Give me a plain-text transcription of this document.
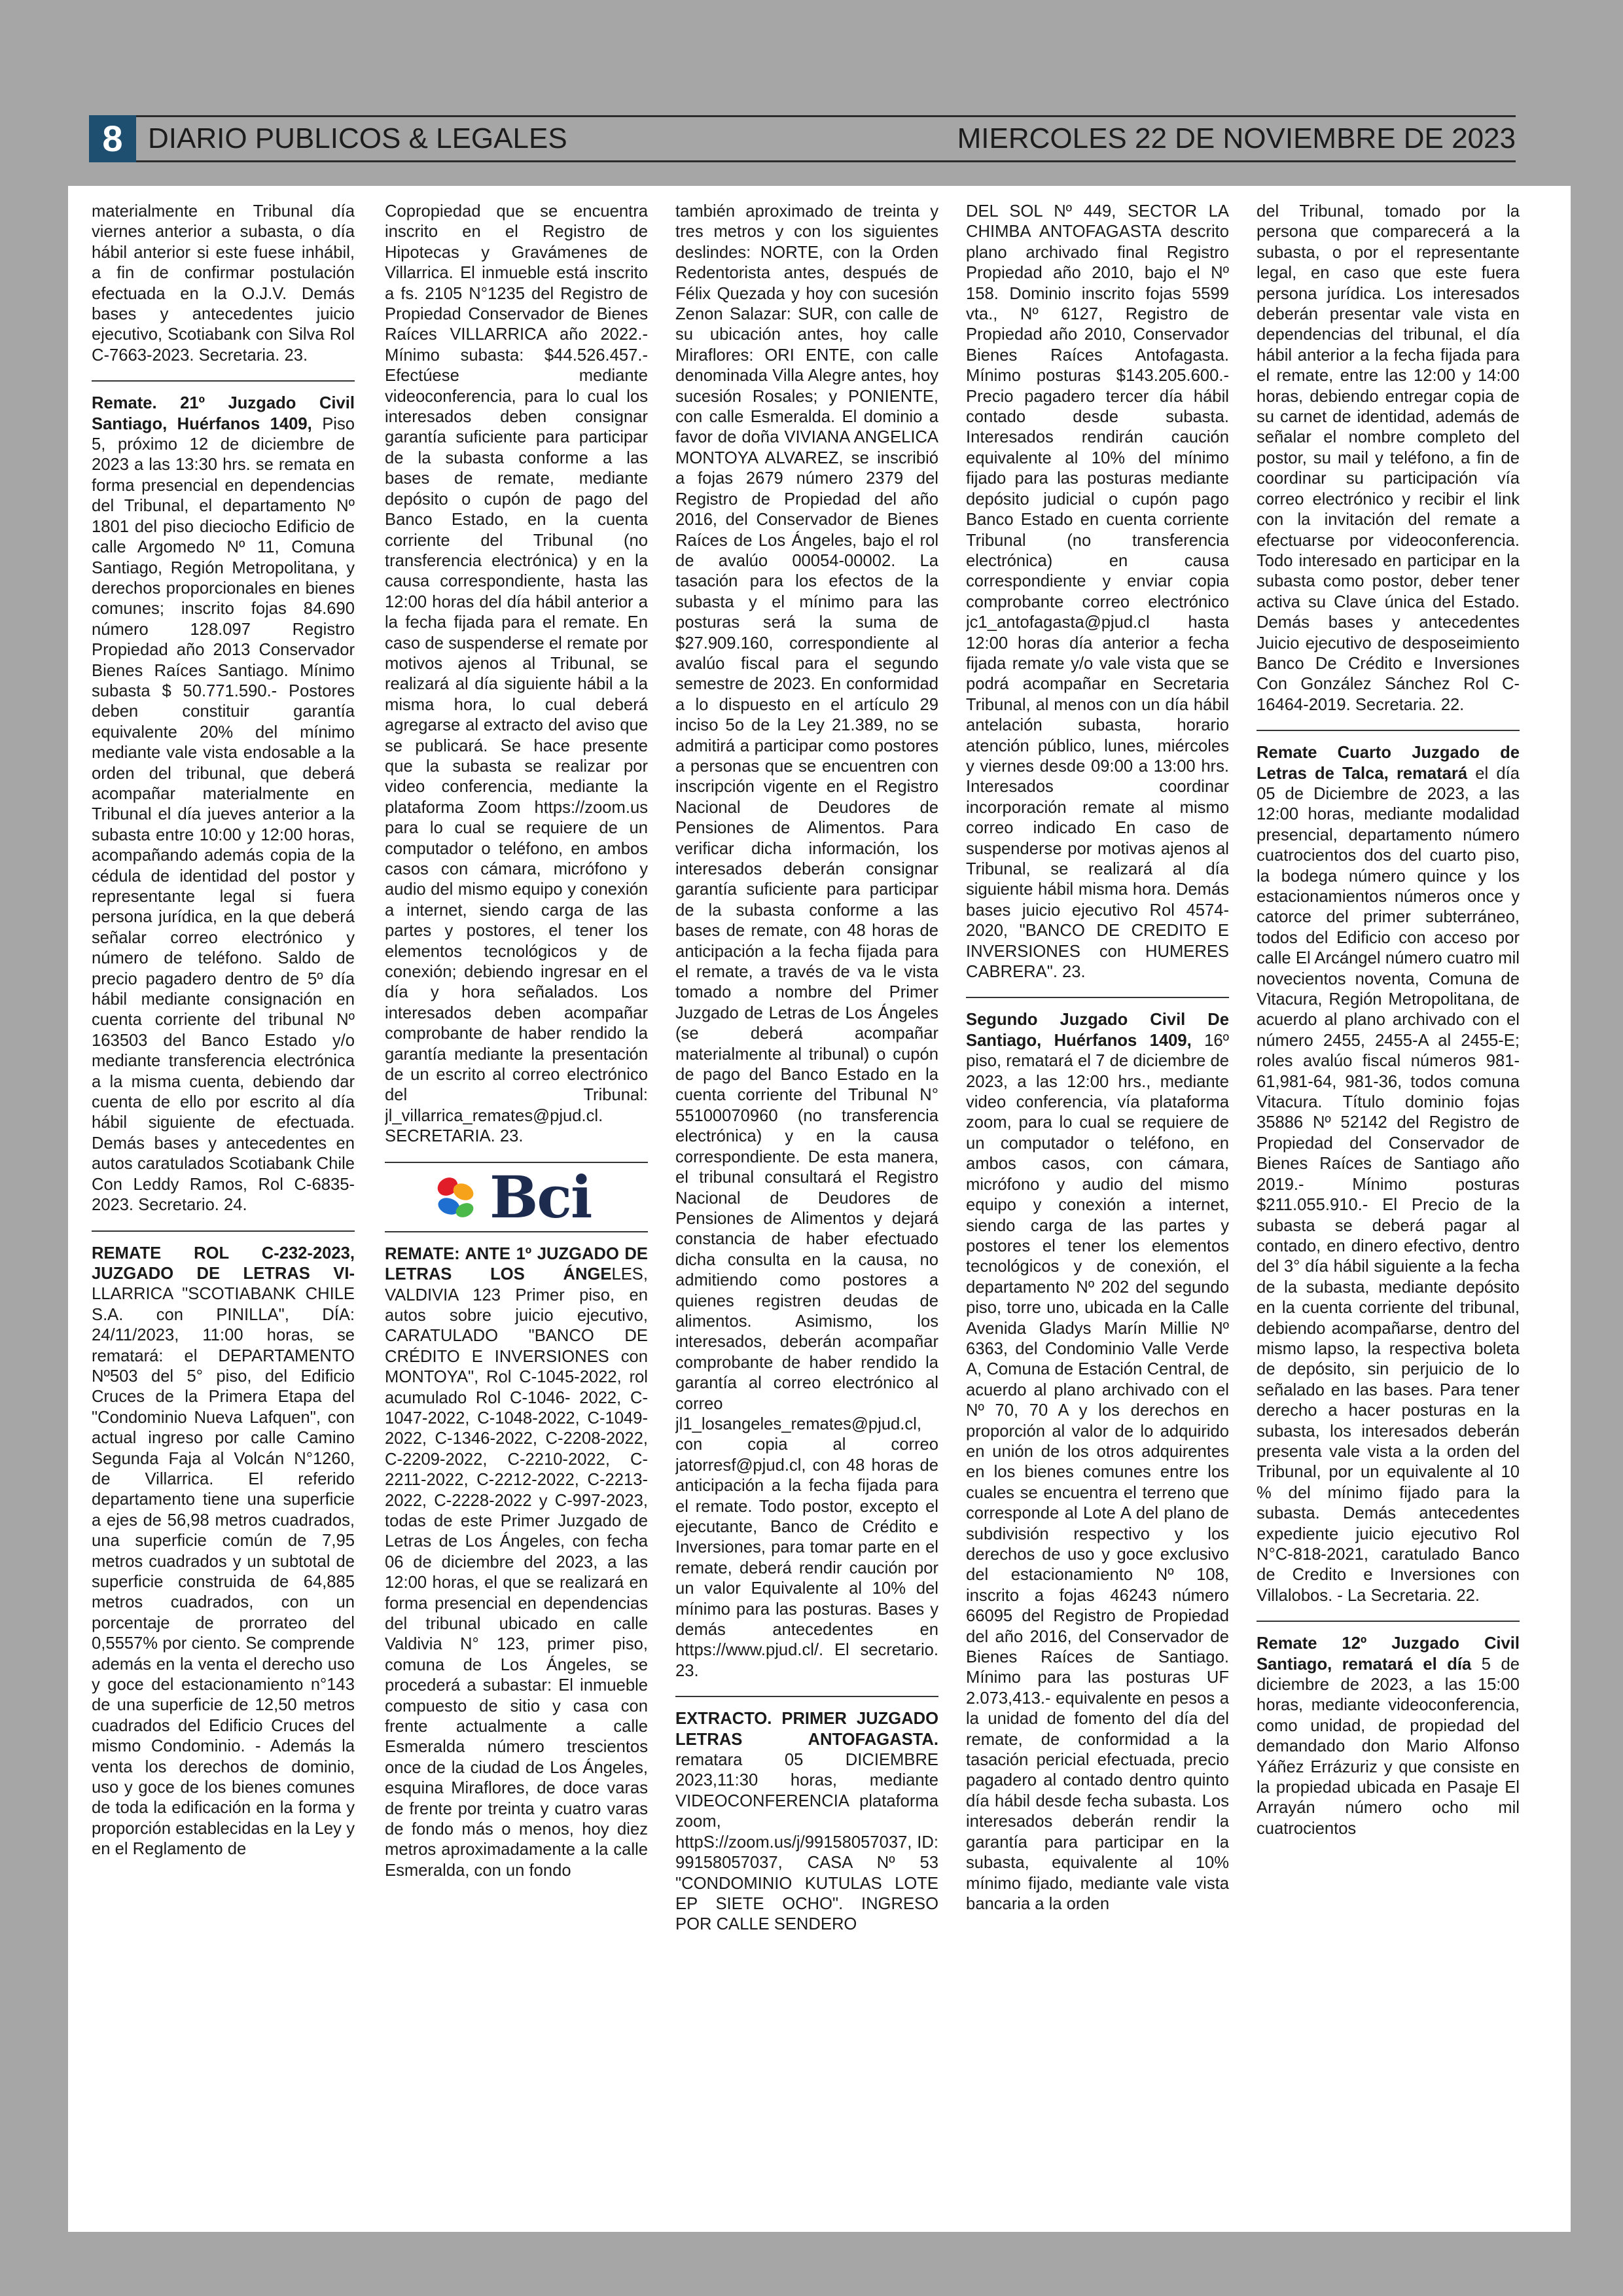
8 DIARIO PUBLICOS & LEGALES	MIERCOLES 22 DE NOVIEMBRE DE 2023

materialmente en Tribunal día viernes anterior a subasta, o día hábil anterior si este fuese inhábil, a fin de confirmar postulación efectuada en la O.J.V. Demás bases y antecedentes juicio ejecutivo, Scotiabank con Silva Rol C-7663-2023. Secretaria. 23.

Remate. 21º Juzgado Civil Santiago, Huérfanos 1409, Piso 5, próximo 12 de diciembre de 2023 a las 13:30 hrs. se remata en forma presencial en dependencias del Tribunal, el departamento Nº 1801 del piso dieciocho Edificio de calle Argomedo Nº 11, Comuna Santiago, Región Metropolitana, y derechos proporcionales en bienes comunes; inscrito fojas 84.690 número 128.097 Registro Propiedad año 2013 Conservador Bienes Raíces Santiago. Mínimo subasta $ 50.771.590.- Postores deben constituir garantía equivalente 20% del mínimo mediante vale vista endosable a la orden del tribunal, que deberá acompañar materialmente en Tribunal el día jueves anterior a la subasta entre 10:00 y 12:00 horas, acompañando además copia de la cédula de identidad del postor y representante legal si fuera persona jurídica, en la que deberá señalar correo electrónico y número de teléfono. Saldo de precio pagadero dentro de 5º día hábil mediante consignación en cuenta corriente del tribunal Nº 163503 del Banco Estado y/o mediante transferencia electrónica a la misma cuenta, debiendo dar cuenta de ello por escrito al día hábil siguiente de efectuada. Demás bases y antecedentes en autos caratulados Scotiabank Chile Con Leddy Ramos, Rol C-6835-2023. Secretario. 24.

REMATE ROL C-232-2023, JUZGADO DE LETRAS VI-LLARRICA "SCOTIABANK CHILE S.A. con PINILLA", DÍA: 24/11/2023, 11:00 horas, se rematará: el DEPARTAMENTO Nº503 del 5° piso, del Edificio Cruces de la Primera Etapa del "Condominio Nueva Lafquen", con actual ingreso por calle Camino Segunda Faja al Volcán N°1260, de Villarrica. El referido departamento tiene una superficie a ejes de 56,98 metros cuadrados, una superficie común de 7,95 metros cuadrados y un subtotal de superficie construida de 64,885 metros cuadrados, con un porcentaje de prorrateo del 0,5557% por ciento. Se comprende además en la venta el derecho uso y goce del estacionamiento n°143 de una superficie de 12,50 metros cuadrados del Edificio Cruces del mismo Condominio. - Además la venta los derechos de dominio, uso y goce de los bienes comunes de toda la edificación en la forma y proporción establecidas en la Ley y en el Reglamento de

Copropiedad que se encuentra inscrito en el Registro de Hipotecas y Gravámenes de Villarrica. El inmueble está inscrito a fs. 2105 N°1235 del Registro de Propiedad Conservador de Bienes Raíces VILLARRICA año 2022.- Mínimo subasta: $44.526.457.- Efectúese mediante videoconferencia, para lo cual los interesados deben consignar garantía suficiente para participar de la subasta conforme a las bases de remate, mediante depósito o cupón de pago del Banco Estado, en la cuenta corriente del Tribunal (no transferencia electrónica) y en la causa correspondiente, hasta las 12:00 horas del día hábil anterior a la fecha fijada para el remate. En caso de suspenderse el remate por motivos ajenos al Tribunal, se realizará al día siguiente hábil a la misma hora, lo cual deberá agregarse al extracto del aviso que se publicará. Se hace presente que la subasta se realizar por video conferencia, mediante la plataforma Zoom https://zoom.us para lo cual se requiere de un computador o teléfono, en ambos casos con cámara, micrófono y audio del mismo equipo y conexión a internet, siendo carga de las partes y postores, el tener los elementos tecnológicos y de conexión; debiendo ingresar en el día y hora señalados. Los interesados deben acompañar comprobante de haber rendido la garantía mediante la presentación de un escrito al correo electrónico del Tribunal: jl_villarrica_remates@pjud.cl. SECRETARIA. 23.

Bci

REMATE: ANTE 1º JUZGADO DE LETRAS LOS ÁNGELES, VALDIVIA 123 Primer piso, en autos sobre juicio ejecutivo, CARATULADO "BANCO DE CRÉDITO E INVERSIONES con MONTOYA", Rol C-1045-2022, rol acumulado Rol C-1046- 2022, C-1047-2022, C-1048-2022, C-1049-2022, C-1346-2022, C-2208-2022, C-2209-2022, C-2210-2022, C-2211-2022, C-2212-2022, C-2213-2022, C-2228-2022 y C-997-2023, todas de este Primer Juzgado de Letras de Los Ángeles, con fecha 06 de diciembre del 2023, a las 12:00 horas, el que se realizará en forma presencial en dependencias del tribunal ubicado en calle Valdivia N° 123, primer piso, comuna de Los Ángeles, se procederá a subastar: El inmueble compuesto de sitio y casa con frente actualmente a calle Esmeralda número trescientos once de la ciudad de Los Ángeles, esquina Miraflores, de doce varas de frente por treinta y cuatro varas de fondo más o menos, hoy diez metros aproximadamente a la calle Esmeralda, con un fondo

también aproximado de treinta y tres metros y con los siguientes deslindes: NORTE, con la Orden Redentorista antes, después de Félix Quezada y hoy con sucesión Zenon Salazar: SUR, con calle de su ubicación antes, hoy calle Miraflores: ORI ENTE, con calle denominada Villa Alegre antes, hoy sucesión Rosales; y PONIENTE, con calle Esmeralda. El dominio a favor de doña VIVIANA ANGELICA MONTOYA ALVAREZ, se inscribió a fojas 2679 número 2379 del Registro de Propiedad del año 2016, del Conservador de Bienes Raíces de Los Ángeles, bajo el rol de avalúo 00054-00002. La tasación para los efectos de la subasta y el mínimo para las posturas será la suma de $27.909.160, correspondiente al avalúo fiscal para el segundo semestre de 2023. En conformidad a lo dispuesto en el artículo 29 inciso 5o de la Ley 21.389, no se admitirá a participar como postores a personas que se encuentren con inscripción vigente en el Registro Nacional de Deudores de Pensiones de Alimentos. Para verificar dicha información, los interesados deberán consignar garantía suficiente para participar de la subasta conforme a las bases de remate, con 48 horas de anticipación a la fecha fijada para el remate, a través de va le vista tomado a nombre del Primer Juzgado de Letras de Los Ángeles (se deberá acompañar materialmente al tribunal) o cupón de pago del Banco Estado en la cuenta corriente del Tribunal N° 55100070960 (no transferencia electrónica) y en la causa correspondiente. De esta manera, el tribunal consultará el Registro Nacional de Deudores de Pensiones de Alimentos y dejará constancia de haber efectuado dicha consulta en la causa, no admitiendo como postores a quienes registren deudas de alimentos. Asimismo, los interesados, deberán acompañar comprobante de haber rendido la garantía al correo electrónico al correo jl1_losangeles_remates@pjud.cl, con copia al correo jatorresf@pjud.cl, con 48 horas de anticipación a la fecha fijada para el remate. Todo postor, excepto el ejecutante, Banco de Crédito e Inversiones, para tomar parte en el remate, deberá rendir caución por un valor Equivalente al 10% del mínimo para las posturas. Bases y demás antecedentes en https://www.pjud.cl/. El secretario. 23.

EXTRACTO. PRIMER JUZGADO LETRAS ANTOFAGASTA. rematara 05 DICIEMBRE 2023,11:30 horas, mediante VIDEOCONFERENCIA plataforma zoom, httpS://zoom.us/j/99158057037, ID: 99158057037, CASA Nº 53 "CONDOMINIO KUTULAS LOTE EP SIETE OCHO". INGRESO POR CALLE SENDERO

DEL SOL Nº 449, SECTOR LA CHIMBA ANTOFAGASTA descrito plano archivado final Registro Propiedad año 2010, bajo el Nº 158. Dominio inscrito fojas 5599 vta., Nº 6127, Registro de Propiedad año 2010, Conservador Bienes Raíces Antofagasta. Mínimo posturas $143.205.600.-Precio pagadero tercer día hábil contado desde subasta. Interesados rendirán caución equivalente al 10% del mínimo fijado para las posturas mediante depósito judicial o cupón pago Banco Estado en cuenta corriente Tribunal (no transferencia electrónica) en causa correspondiente y enviar copia comprobante correo electrónico jc1_antofagasta@pjud.cl hasta 12:00 horas día anterior a fecha fijada remate y/o vale vista que se podrá acompañar en Secretaria Tribunal, al menos con un día hábil antelación subasta, horario atención público, lunes, miércoles y viernes desde 09:00 a 13:00 hrs. Interesados coordinar incorporación remate al mismo correo indicado En caso de suspenderse por motivas ajenos al Tribunal, se realizará al día siguiente hábil misma hora. Demás bases juicio ejecutivo Rol 4574-2020, "BANCO DE CREDITO E INVERSIONES con HUMERES CABRERA". 23.

Segundo Juzgado Civil De Santiago, Huérfanos 1409, 16º piso, rematará el 7 de diciembre de 2023, a las 12:00 hrs., mediante video conferencia, vía plataforma zoom, para lo cual se requiere de un computador o teléfono, en ambos casos, con cámara, micrófono y audio del mismo equipo y conexión a internet, siendo carga de las partes y postores el tener los elementos tecnológicos y de conexión, el departamento Nº 202 del segundo piso, torre uno, ubicada en la Calle Avenida Gladys Marín Millie Nº 6363, del Condominio Valle Verde A, Comuna de Estación Central, de acuerdo al plano archivado con el Nº 70, 70 A y los derechos en proporción al valor de lo adquirido en unión de los otros adquirentes en los bienes comunes entre los cuales se encuentra el terreno que corresponde al Lote A del plano de subdivisión respectivo y los derechos de uso y goce exclusivo del estacionamiento Nº 108, inscrito a fojas 46243 número 66095 del Registro de Propiedad del año 2016, del Conservador de Bienes Raíces de Santiago. Mínimo para las posturas UF 2.073,413.- equivalente en pesos a la unidad de fomento del día del remate, de conformidad a la tasación pericial efectuada, precio pagadero al contado dentro quinto día hábil desde fecha subasta. Los interesados deberán rendir la garantía para participar en la subasta, equivalente al 10% mínimo fijado, mediante vale vista bancaria a la orden

del Tribunal, tomado por la persona que comparecerá a la subasta, o por el representante legal, en caso que este fuera persona jurídica. Los interesados deberán presentar vale vista en dependencias del tribunal, el día hábil anterior a la fecha fijada para el remate, entre las 12:00 y 14:00 horas, debiendo entregar copia de su carnet de identidad, además de señalar el nombre completo del postor, su mail y teléfono, a fin de coordinar su participación vía correo electrónico y recibir el link con la invitación del remate a efectuarse por videoconferencia. Todo interesado en participar en la subasta como postor, deber tener activa su Clave única del Estado. Demás bases y antecedentes Juicio ejecutivo de desposeimiento Banco De Crédito e Inversiones Con González Sánchez Rol C-16464-2019. Secretaria. 22.

Remate Cuarto Juzgado de Letras de Talca, rematará el día 05 de Diciembre de 2023, a las 12:00 horas, mediante modalidad presencial, departamento número cuatrocientos dos del cuarto piso, la bodega número quince y los estacionamientos números once y catorce del primer subterráneo, todos del Edificio con acceso por calle El Arcángel número cuatro mil novecientos noventa, Comuna de Vitacura, Región Metropolitana, de acuerdo al plano archivado con el número 2455, 2455-A al 2455-E; roles avalúo fiscal números 981-61,981-64, 981-36, todos comuna Vitacura. Título dominio fojas 35886 Nº 52142 del Registro de Propiedad del Conservador de Bienes Raíces de Santiago año 2019.- Mínimo posturas $211.055.910.- El Precio de la subasta se deberá pagar al contado, en dinero efectivo, dentro del 3° día hábil siguiente a la fecha de la subasta, mediante depósito en la cuenta corriente del tribunal, debiendo acompañarse, dentro del mismo lapso, la respectiva boleta de depósito, sin perjuicio de lo señalado en las bases. Para tener derecho a hacer posturas en la subasta, los interesados deberán presenta vale vista a la orden del Tribunal, por un equivalente al 10 % del mínimo fijado para la subasta. Demás antecedentes expediente juicio ejecutivo Rol N°C-818-2021, caratulado Banco de Credito e Inversiones con Villalobos. - La Secretaria. 22.

Remate 12º Juzgado Civil Santiago, rematará el día 5 de diciembre de 2023, a las 15:00 horas, mediante videoconferencia, como unidad, de propiedad del demandado don Mario Alfonso Yáñez Errázuriz y que consiste en la propiedad ubicada en Pasaje El Arrayán número ocho mil cuatrocientos
